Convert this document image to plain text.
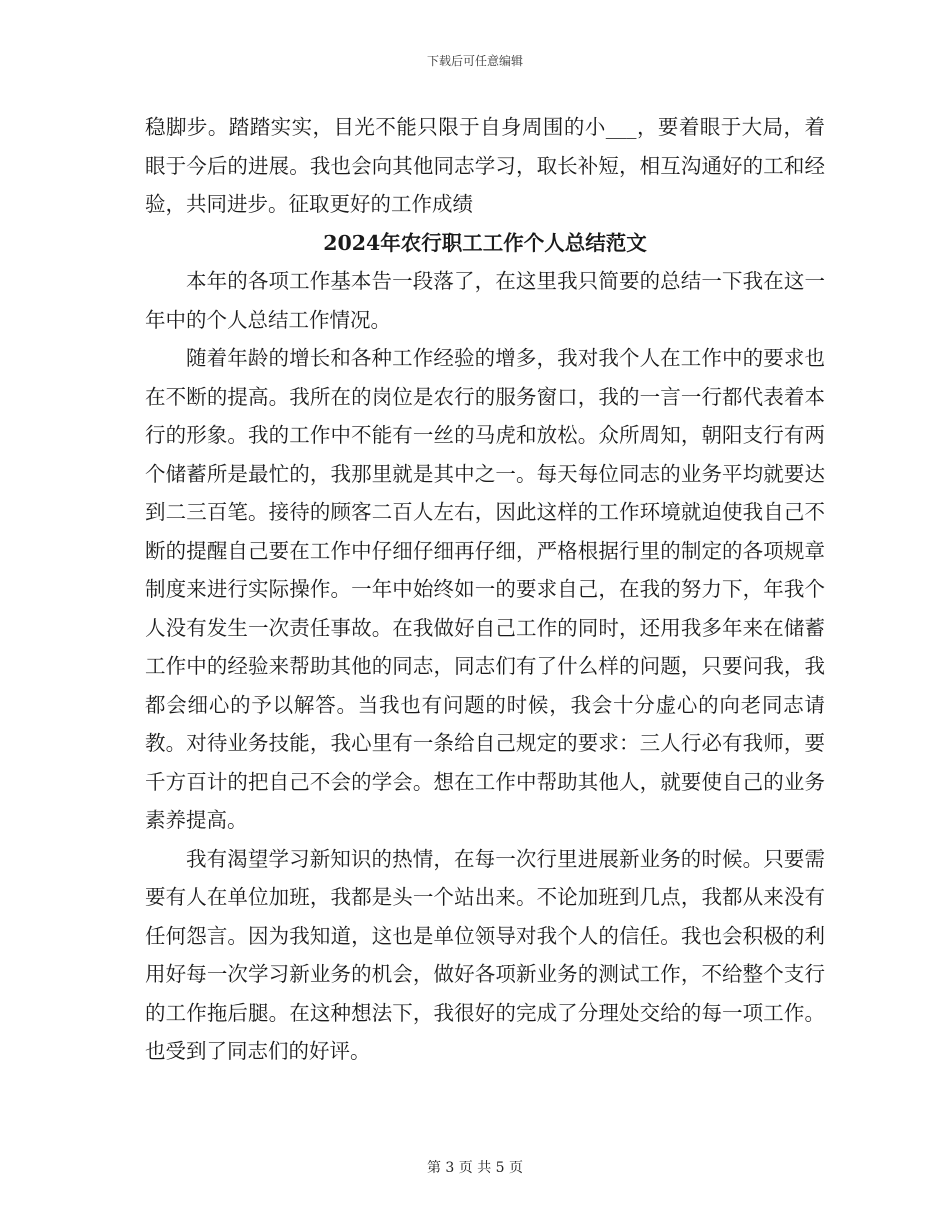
下载后可任意编辑

稳脚步。踏踏实实，目光不能只限于自身周围的小___，要着眼于大局，着眼于今后的进展。我也会向其他同志学习，取长补短，相互沟通好的工和经验，共同进步。征取更好的工作成绩

2024年农行职工工作个人总结范文

本年的各项工作基本告一段落了，在这里我只简要的总结一下我在这一年中的个人总结工作情况。

随着年龄的增长和各种工作经验的增多，我对我个人在工作中的要求也在不断的提高。我所在的岗位是农行的服务窗口，我的一言一行都代表着本行的形象。我的工作中不能有一丝的马虎和放松。众所周知，朝阳支行有两个储蓄所是最忙的，我那里就是其中之一。每天每位同志的业务平均就要达到二三百笔。接待的顾客二百人左右，因此这样的工作环境就迫使我自己不断的提醒自己要在工作中仔细仔细再仔细，严格根据行里的制定的各项规章制度来进行实际操作。一年中始终如一的要求自己，在我的努力下，年我个人没有发生一次责任事故。在我做好自己工作的同时，还用我多年来在储蓄工作中的经验来帮助其他的同志，同志们有了什么样的问题，只要问我，我都会细心的予以解答。当我也有问题的时候，我会十分虚心的向老同志请教。对待业务技能，我心里有一条给自己规定的要求：三人行必有我师，要千方百计的把自己不会的学会。想在工作中帮助其他人，就要使自己的业务素养提高。

我有渴望学习新知识的热情，在每一次行里进展新业务的时候。只要需要有人在单位加班，我都是头一个站出来。不论加班到几点，我都从来没有任何怨言。因为我知道，这也是单位领导对我个人的信任。我也会积极的利用好每一次学习新业务的机会，做好各项新业务的测试工作，不给整个支行的工作拖后腿。在这种想法下，我很好的完成了分理处交给的每一项工作。也受到了同志们的好评。

第 3 页 共 5 页
